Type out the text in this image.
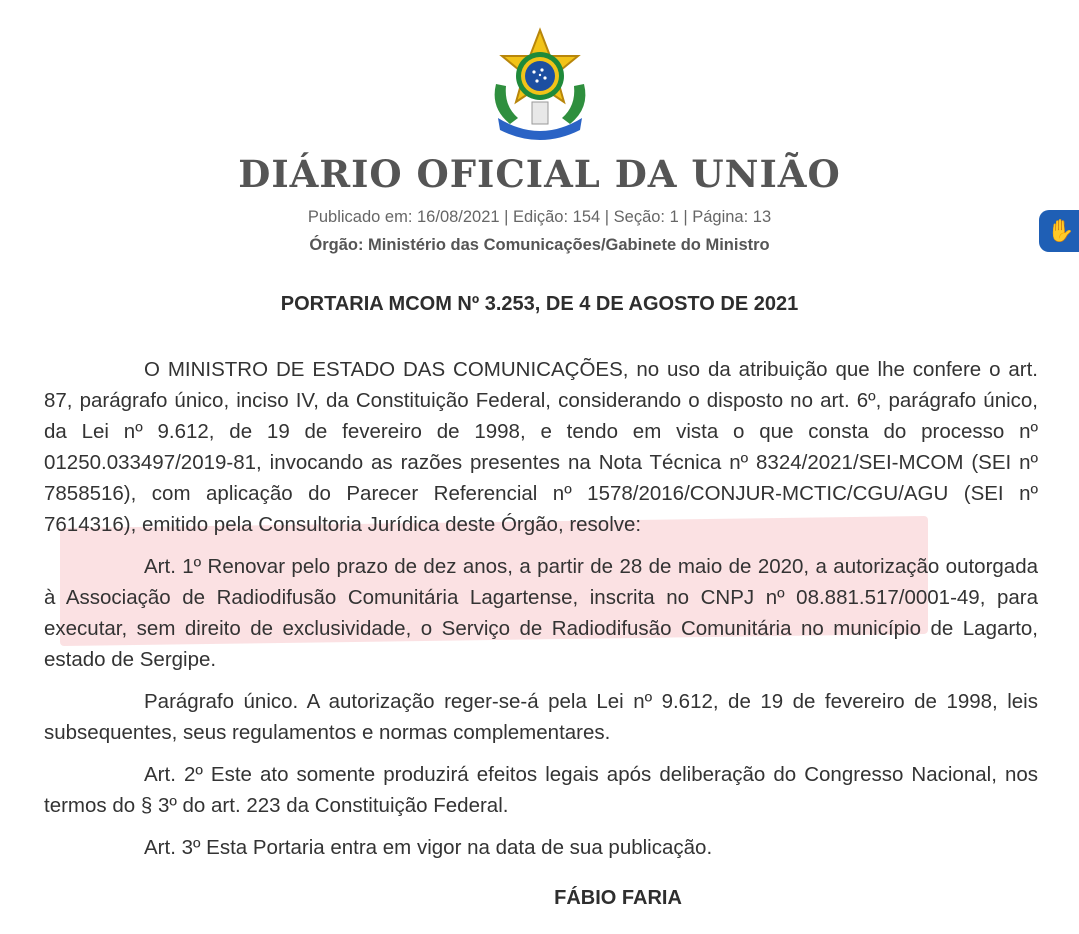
DIÁRIO OFICIAL DA UNIÃO
Publicado em: 16/08/2021 | Edição: 154 | Seção: 1 | Página: 13
Órgão: Ministério das Comunicações/Gabinete do Ministro
✋
PORTARIA MCOM Nº 3.253, DE 4 DE AGOSTO DE 2021

O MINISTRO DE ESTADO DAS COMUNICAÇÕES, no uso da atribuição que lhe confere o art. 87, parágrafo único, inciso IV, da Constituição Federal, considerando o disposto no art. 6º, parágrafo único, da Lei nº 9.612, de 19 de fevereiro de 1998, e tendo em vista o que consta do processo nº 01250.033497/2019-81, invocando as razões presentes na Nota Técnica nº 8324/2021/SEI-MCOM (SEI nº 7858516), com aplicação do Parecer Referencial nº 1578/2016/CONJUR-MCTIC/CGU/AGU (SEI nº 7614316), emitido pela Consultoria Jurídica deste Órgão, resolve:

Art. 1º Renovar pelo prazo de dez anos, a partir de 28 de maio de 2020, a autorização outorgada à Associação de Radiodifusão Comunitária Lagartense, inscrita no CNPJ nº 08.881.517/0001-49, para executar, sem direito de exclusividade, o Serviço de Radiodifusão Comunitária no município de Lagarto, estado de Sergipe.

Parágrafo único. A autorização reger-se-á pela Lei nº 9.612, de 19 de fevereiro de 1998, leis subsequentes, seus regulamentos e normas complementares.

Art. 2º Este ato somente produzirá efeitos legais após deliberação do Congresso Nacional, nos termos do § 3º do art. 223 da Constituição Federal.

Art. 3º Esta Portaria entra em vigor na data de sua publicação.

FÁBIO FARIA
